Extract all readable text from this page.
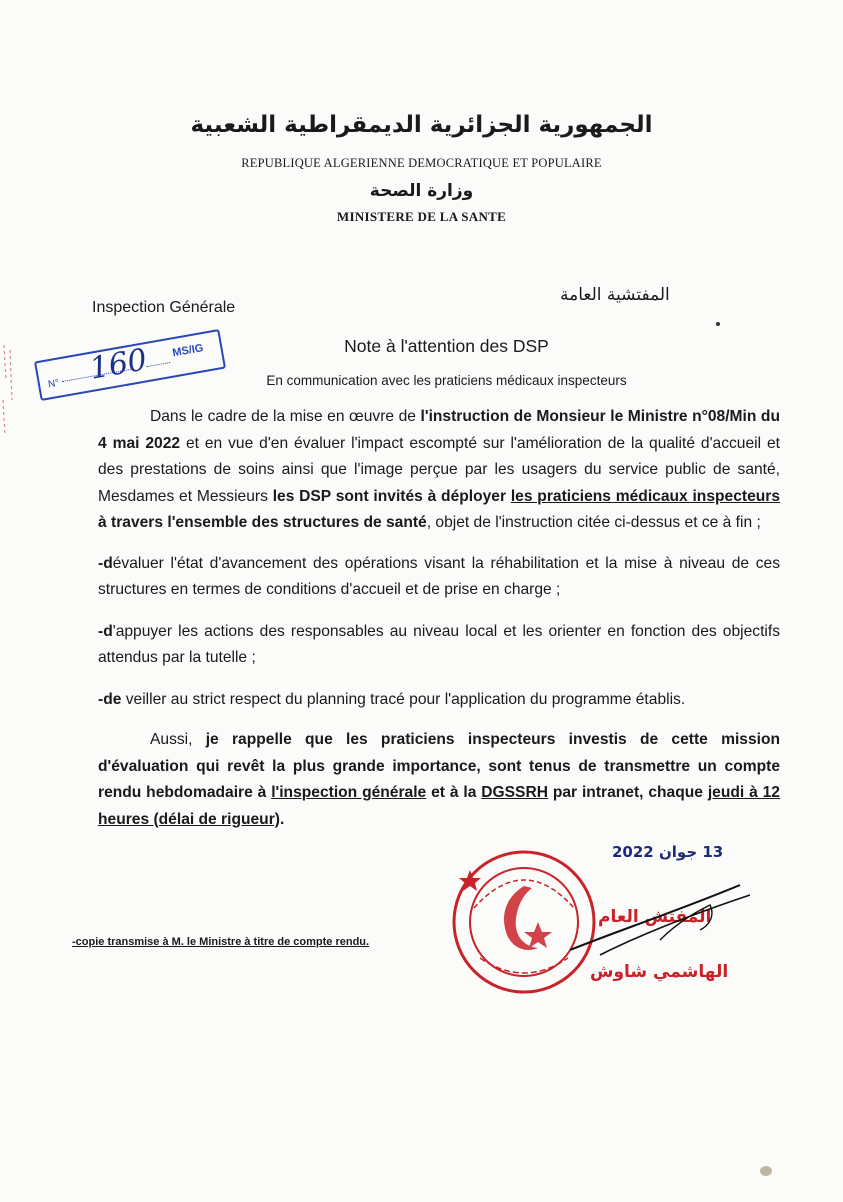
الجمهورية الجزائرية الديمقراطية الشعبية
REPUBLIQUE ALGERIENNE DEMOCRATIQUE ET POPULAIRE
وزارة الصحة
MINISTERE DE LA SANTE
Inspection Générale
المفتشية العامة
N° 160 MS/IG	Note à l'attention des DSP
En communication avec les praticiens médicaux inspecteurs

Dans le cadre de la mise en œuvre de l'instruction de Monsieur le Ministre n°08/Min du 4 mai 2022 et en vue d'en évaluer l'impact escompté sur l'amélioration de la qualité d'accueil et des prestations de soins ainsi que l'image perçue par les usagers du service public de santé, Mesdames et Messieurs les DSP sont invités à déployer les praticiens médicaux inspecteurs à travers l'ensemble des structures de santé, objet de l'instruction citée ci-dessus et ce à fin ;

-dévaluer l'état d'avancement des opérations visant la réhabilitation et la mise à niveau de ces structures en termes de conditions d'accueil et de prise en charge ;

-d'appuyer les actions des responsables au niveau local et les orienter en fonction des objectifs attendus par la tutelle ;

-de veiller au strict respect du planning tracé pour l'application du programme établis.

Aussi, je rappelle que les praticiens inspecteurs investis de cette mission d'évaluation qui revêt la plus grande importance, sont tenus de transmettre un compte rendu hebdomadaire à l'inspection générale et à la DGSSRH par intranet, chaque jeudi à 12 heures (délai de rigueur).

13 جوان 2022
المفتش العام
الهاشمي شاوش
-copie transmise à M. le Ministre à titre de compte rendu.
